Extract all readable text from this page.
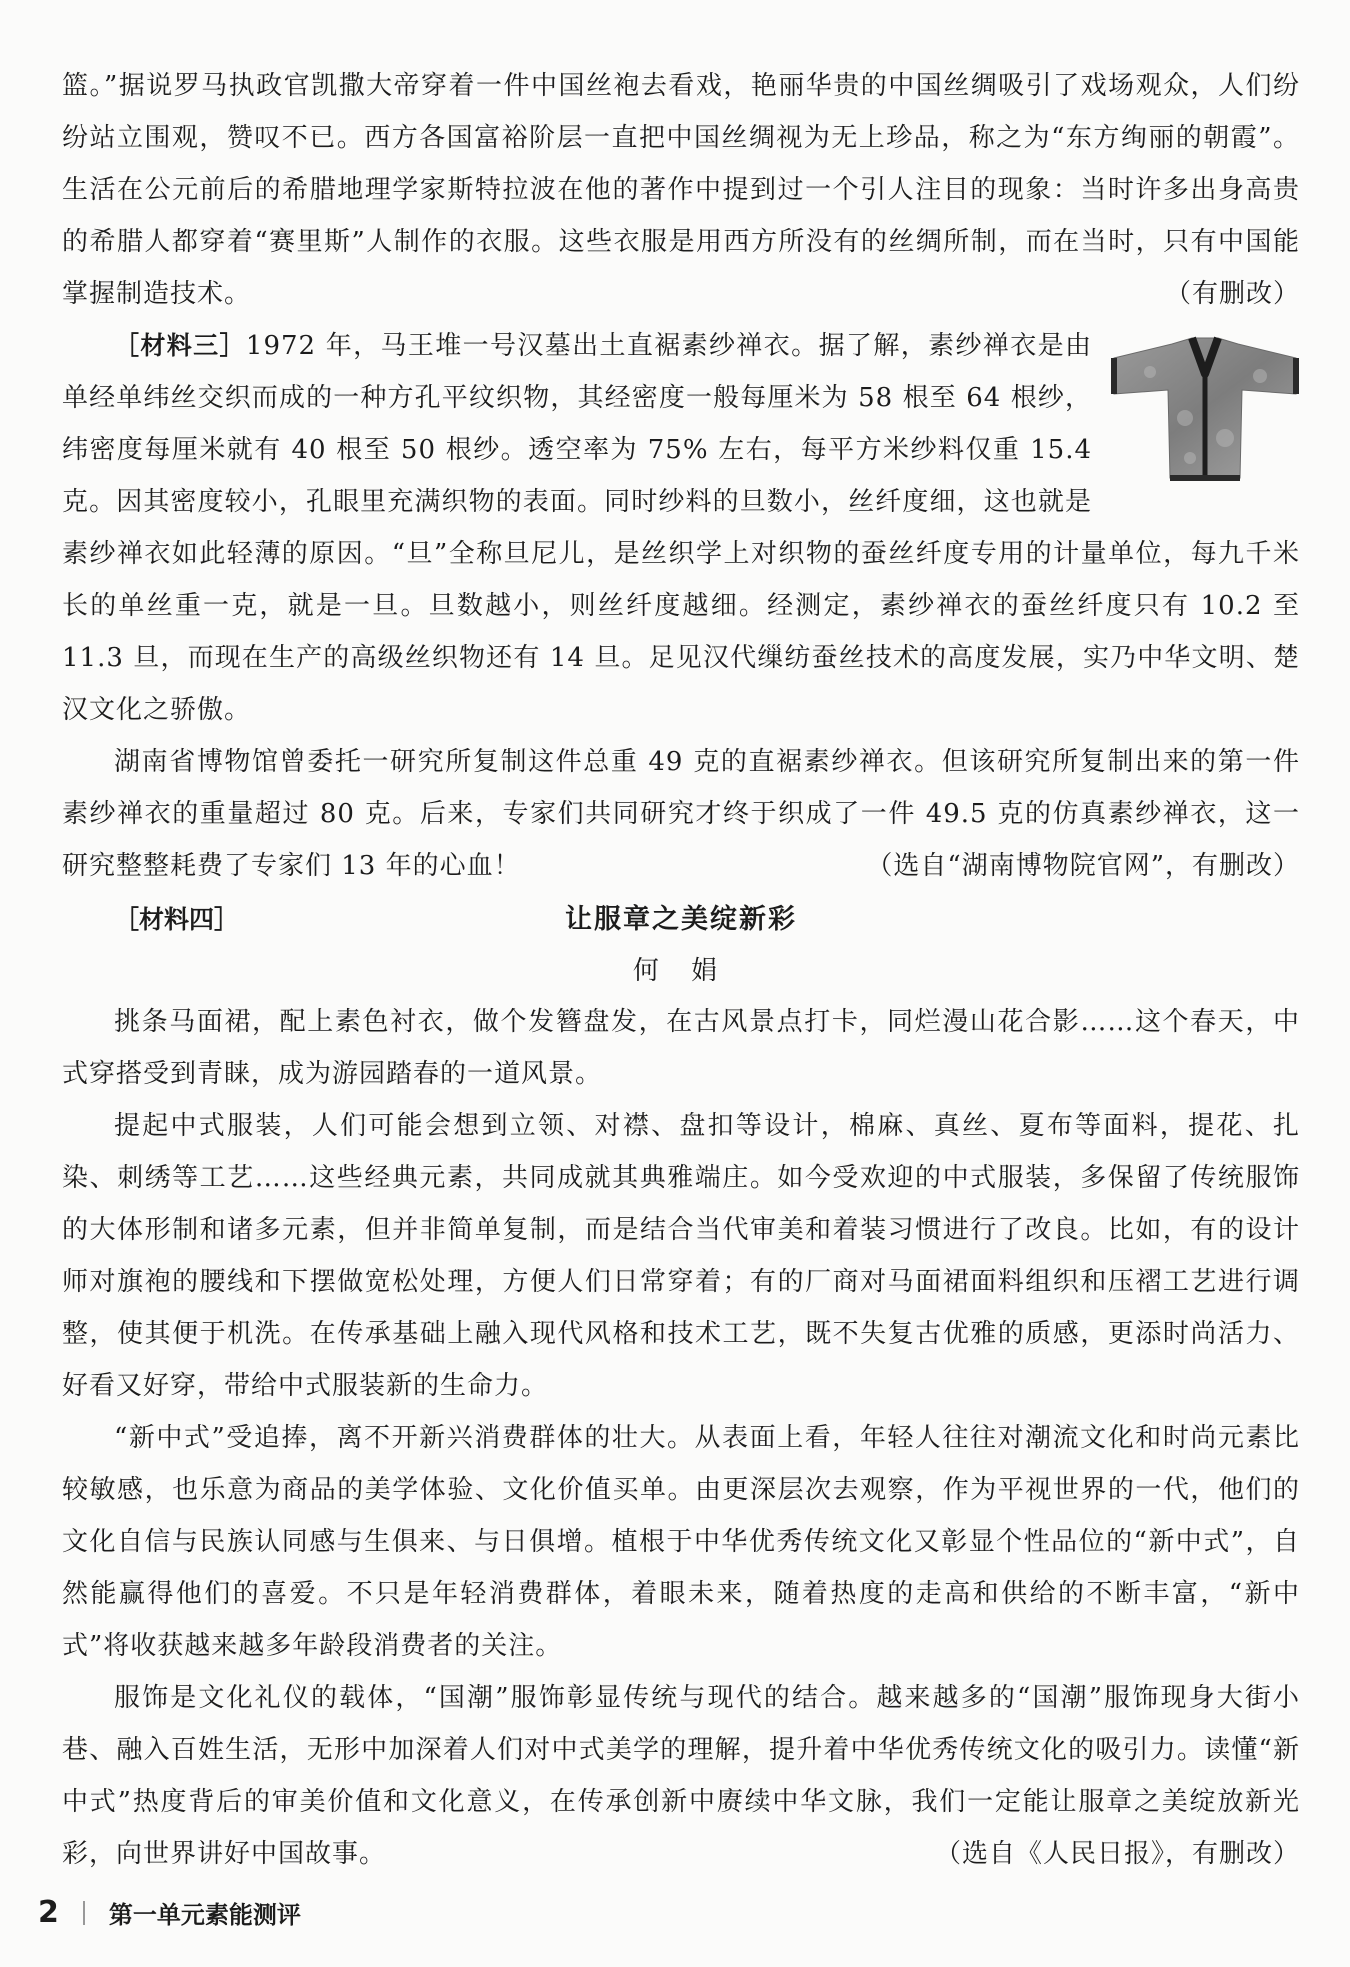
篮。”据说罗马执政官凯撒大帝穿着一件中国丝袍去看戏，艳丽华贵的中国丝绸吸引了戏场观众，人们纷纷站立围观，赞叹不已。西方各国富裕阶层一直把中国丝绸视为无上珍品，称之为“东方绚丽的朝霞”。生活在公元前后的希腊地理学家斯特拉波在他的著作中提到过一个引人注目的现象：当时许多出身高贵的希腊人都穿着“赛里斯”人制作的衣服。这些衣服是用西方所没有的丝绸所制，而在当时，只有中国能掌握制造技术。	（有删改）

［材料三］1972 年，马王堆一号汉墓出土直裾素纱禅衣。据了解，素纱禅衣是由单经单纬丝交织而成的一种方孔平纹织物，其经密度一般每厘米为 58 根至 64 根纱，纬密度每厘米就有 40 根至 50 根纱。透空率为 75% 左右，每平方米纱料仅重 15.4 克。因其密度较小，孔眼里充满织物的表面。同时纱料的旦数小，丝纤度细，这也就是素纱禅衣如此轻薄的原因。“旦”全称旦尼儿，是丝织学上对织物的蚕丝纤度专用的计量单位，每九千米长的单丝重一克，就是一旦。旦数越小，则丝纤度越细。经测定，素纱禅衣的蚕丝纤度只有 10.2 至 11.3 旦，而现在生产的高级丝织物还有 14 旦。足见汉代缫纺蚕丝技术的高度发展，实乃中华文明、楚汉文化之骄傲。

湖南省博物馆曾委托一研究所复制这件总重 49 克的直裾素纱禅衣。但该研究所复制出来的第一件素纱禅衣的重量超过 80 克。后来，专家们共同研究才终于织成了一件 49.5 克的仿真素纱禅衣，这一研究整整耗费了专家们 13 年的心血！	（选自“湖南博物院官网”，有删改）
［材料四］	让服章之美绽新彩
何 娟

挑条马面裙，配上素色衬衣，做个发簪盘发，在古风景点打卡，同烂漫山花合影……这个春天，中式穿搭受到青睐，成为游园踏春的一道风景。

提起中式服装，人们可能会想到立领、对襟、盘扣等设计，棉麻、真丝、夏布等面料，提花、扎染、刺绣等工艺……这些经典元素，共同成就其典雅端庄。如今受欢迎的中式服装，多保留了传统服饰的大体形制和诸多元素，但并非简单复制，而是结合当代审美和着装习惯进行了改良。比如，有的设计师对旗袍的腰线和下摆做宽松处理，方便人们日常穿着；有的厂商对马面裙面料组织和压褶工艺进行调整，使其便于机洗。在传承基础上融入现代风格和技术工艺，既不失复古优雅的质感，更添时尚活力、好看又好穿，带给中式服装新的生命力。

“新中式”受追捧，离不开新兴消费群体的壮大。从表面上看，年轻人往往对潮流文化和时尚元素比较敏感，也乐意为商品的美学体验、文化价值买单。由更深层次去观察，作为平视世界的一代，他们的文化自信与民族认同感与生俱来、与日俱增。植根于中华优秀传统文化又彰显个性品位的“新中式”，自然能赢得他们的喜爱。不只是年轻消费群体，着眼未来，随着热度的走高和供给的不断丰富，“新中式”将收获越来越多年龄段消费者的关注。

服饰是文化礼仪的载体，“国潮”服饰彰显传统与现代的结合。越来越多的“国潮”服饰现身大街小巷、融入百姓生活，无形中加深着人们对中式美学的理解，提升着中华优秀传统文化的吸引力。读懂“新中式”热度背后的审美价值和文化意义，在传承创新中赓续中华文脉，我们一定能让服章之美绽放新光彩，向世界讲好中国故事。	（选自《人民日报》，有删改）
2 第一单元素能测评
